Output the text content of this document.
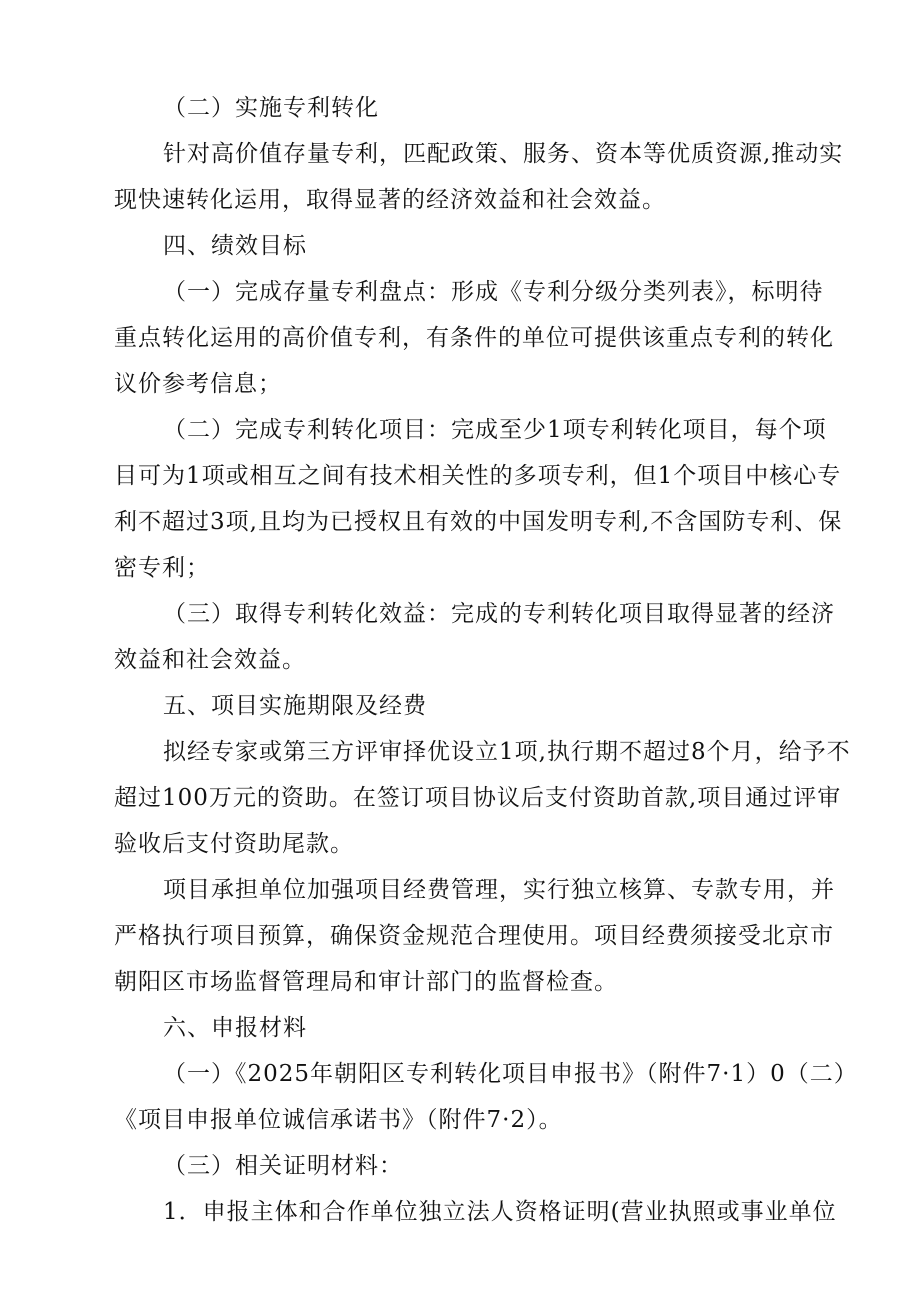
（二）实施专利转化
针对高价值存量专利，匹配政策、服务、资本等优质资源,推动实
现快速转化运用，取得显著的经济效益和社会效益。
四、绩效目标
（一）完成存量专利盘点：形成《专利分级分类列表》，标明待
重点转化运用的高价值专利，有条件的单位可提供该重点专利的转化
议价参考信息；
（二）完成专利转化项目：完成至少1项专利转化项目，每个项
目可为1项或相互之间有技术相关性的多项专利，但1个项目中核心专
利不超过3项,且均为已授权且有效的中国发明专利,不含国防专利、保
密专利；
（三）取得专利转化效益：完成的专利转化项目取得显著的经济
效益和社会效益。
五、项目实施期限及经费
拟经专家或第三方评审择优设立1项,执行期不超过8个月，给予不
超过100万元的资助。在签订项目协议后支付资助首款,项目通过评审
验收后支付资助尾款。
项目承担单位加强项目经费管理，实行独立核算、专款专用，并
严格执行项目预算，确保资金规范合理使用。项目经费须接受北京市
朝阳区市场监督管理局和审计部门的监督检查。
六、申报材料
（一）《2025年朝阳区专利转化项目申报书》（附件7·1）0（二）
《项目申报单位诚信承诺书》（附件7·2）。
（三）相关证明材料：
1．申报主体和合作单位独立法人资格证明(营业执照或事业单位
